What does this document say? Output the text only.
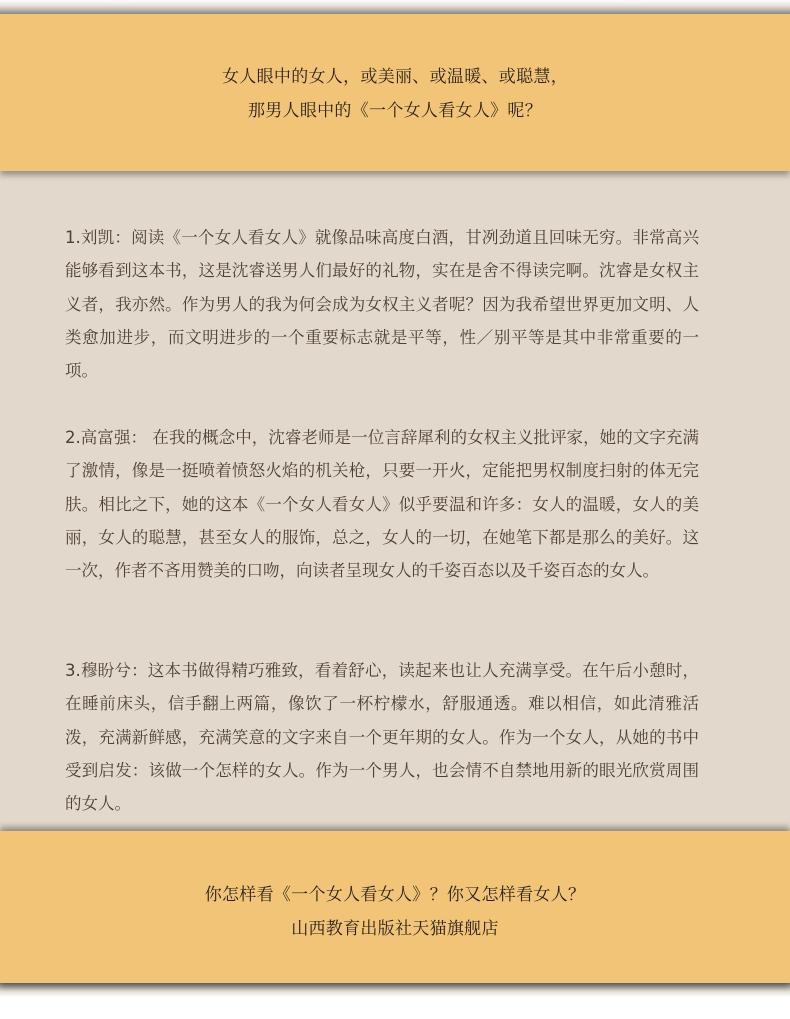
女人眼中的女人，或美丽、或温暖、或聪慧，
那男人眼中的《一个女人看女人》呢？

1.刘凯：阅读《一个女人看女人》就像品味高度白酒，甘冽劲道且回味无穷。非常高兴能够看到这本书，这是沈睿送男人们最好的礼物，实在是舍不得读完啊。沈睿是女权主义者，我亦然。作为男人的我为何会成为女权主义者呢？因为我希望世界更加文明、人类愈加进步，而文明进步的一个重要标志就是平等，性／别平等是其中非常重要的一项。

2.高富强： 在我的概念中，沈睿老师是一位言辞犀利的女权主义批评家，她的文字充满了激情，像是一挺喷着愤怒火焰的机关枪，只要一开火，定能把男权制度扫射的体无完肤。相比之下，她的这本《一个女人看女人》似乎要温和许多：女人的温暖，女人的美丽，女人的聪慧，甚至女人的服饰，总之，女人的一切，在她笔下都是那么的美好。这一次，作者不吝用赞美的口吻，向读者呈现女人的千姿百态以及千姿百态的女人。

3.穆盼兮：这本书做得精巧雅致，看着舒心，读起来也让人充满享受。在午后小憩时，在睡前床头，信手翻上两篇，像饮了一杯柠檬水，舒服通透。难以相信，如此清雅活泼，充满新鲜感，充满笑意的文字来自一个更年期的女人。作为一个女人，从她的书中受到启发：该做一个怎样的女人。作为一个男人，也会情不自禁地用新的眼光欣赏周围的女人。

你怎样看《一个女人看女人》？你又怎样看女人？
山西教育出版社天猫旗舰店
